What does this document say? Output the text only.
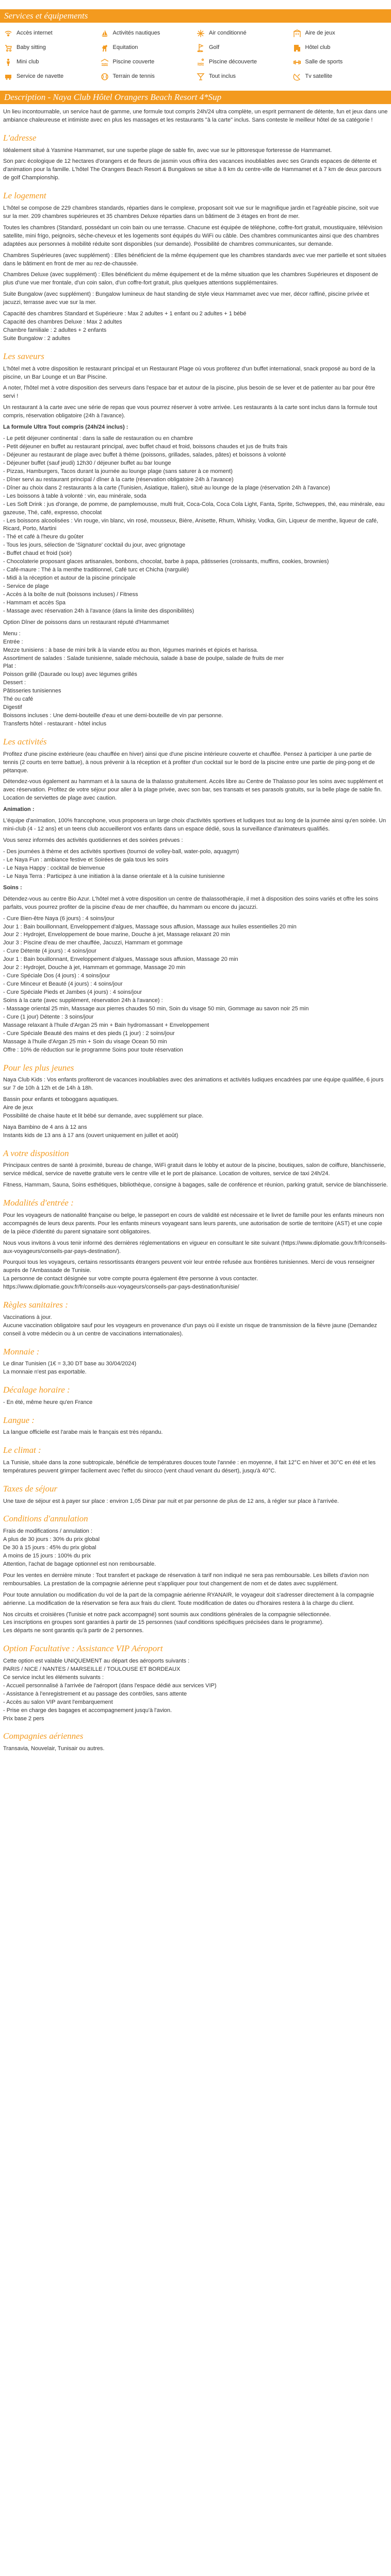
Services et équipements
Accès internet	Activités nautiques	Air conditionné	Aire de jeux
Baby sitting	Equitation	Golf	Hôtel club
Mini club	Piscine couverte	Piscine découverte	Salle de sports
Service de navette	Terrain de tennis	Tout inclus	Tv satellite
Description - Naya Club Hôtel Orangers Beach Resort 4*Sup

Un lieu incontournable, un service haut de gamme, une formule tout compris 24h/24 ultra complète, un esprit permanent de détente, fun et jeux dans une ambiance chaleureuse et intimiste avec en plus les massages et les restaurants "à la carte" inclus. Sans conteste le meilleur hôtel de sa catégorie !

L'adresse

Idéalement situé à Yasmine Hammamet, sur une superbe plage de sable fin, avec vue sur le pittoresque forteresse de Hammamet.

Son parc écologique de 12 hectares d'orangers et de fleurs de jasmin vous offrira des vacances inoubliables avec ses Grands espaces de détente et d'animation pour la famille. L'hôtel The Orangers Beach Resort & Bungalows se situe à 8 km du centre-ville de Hammamet et à 7 km de deux parcours de golf Championship.

Le logement

L'hôtel se compose de 229 chambres standards, réparties dans le complexe, proposant soit vue sur le magnifique jardin et l'agréable piscine, soit vue sur la mer. 209 chambres supérieures et 35 chambres Deluxe réparties dans un bâtiment de 3 étages en front de mer.

Toutes les chambres (Standard, possédant un coin bain ou une terrasse. Chacune est équipée de téléphone, coffre-fort gratuit, moustiquaire, télévision satellite, mini frigo, peignoirs, sèche-cheveux et les logements sont équipés du WiFi ou câble. Des chambres communicantes ainsi que des chambres adaptées aux personnes à mobilité réduite sont disponibles (sur demande). Possibilité de chambres communicantes, sur demande.

Chambres Supérieures (avec supplément) : Elles bénéficient de la même équipement que les chambres standards avec vue mer partielle et sont situées dans le bâtiment en front de mer au rez-de-chaussée.

Chambres Deluxe (avec supplément) : Elles bénéficient du même équipement et de la même situation que les chambres Supérieures et disposent de plus d'une vue mer frontale, d'un coin salon, d'un coffre-fort gratuit, plus quelques attentions supplémentaires.

Suite Bungalow (avec supplément) : Bungalow lumineux de haut standing de style vieux Hammamet avec vue mer, décor raffiné, piscine privée et jacuzzi, terrasse avec vue sur la mer.

Capacité des chambres Standard et Supérieure : Max 2 adultes + 1 enfant ou 2 adultes + 1 bébé
Capacité des chambres Deluxe : Max 2 adultes
Chambre familiale : 2 adultes + 2 enfants
Suite Bungalow : 2 adultes

Les saveurs

L'hôtel met à votre disposition le restaurant principal et un Restaurant Plage où vous profiterez d'un buffet international, snack proposé au bord de la piscine, un Bar Lounge et un Bar Piscine.

A noter, l'hôtel met à votre disposition des serveurs dans l'espace bar et autour de la piscine, plus besoin de se lever et de patienter au bar pour être servi !

Un restaurant à la carte avec une série de repas que vous pourrez réserver à votre arrivée. Les restaurants à la carte sont inclus dans la formule tout compris, réservation obligatoire (24h à l'avance).

La formule Ultra Tout compris (24h/24 inclus) :

- Le petit déjeuner continental : dans la salle de restauration ou en chambre
- Petit déjeuner en buffet au restaurant principal, avec buffet chaud et froid, boissons chaudes et jus de fruits frais
- Déjeuner au restaurant de plage avec buffet à thème (poissons, grillades, salades, pâtes) et boissons à volonté
- Déjeuner buffet (sauf jeudi) 12h30 / déjeuner buffet au bar lounge
- Pizzas, Hamburgers, Tacos durant la journée au lounge plage (sans saturer à ce moment)
- Dîner servi au restaurant principal / dîner à la carte (réservation obligatoire 24h à l'avance)
- Dîner au choix dans 2 restaurants à la carte (Tunisien, Asiatique, Italien), situé au lounge de la plage (réservation 24h à l'avance)
- Les boissons à table à volonté : vin, eau minérale, soda
- Les Soft Drink : jus d'orange, de pomme, de pamplemousse, multi fruit, Coca-Cola, Coca Cola Light, Fanta, Sprite, Schweppes, thé, eau minérale, eau gazeuse, Thé, café, expresso, chocolat
- Les boissons alcoolisées : Vin rouge, vin blanc, vin rosé, mousseux, Bière, Anisette, Rhum, Whisky, Vodka, Gin, Liqueur de menthe, liqueur de café, Ricard, Porto, Martini
- Thé et café à l'heure du goûter
- Tous les jours, sélection de 'Signature' cocktail du jour, avec grignotage
- Buffet chaud et froid (soir)
- Chocolaterie proposant glaces artisanales, bonbons, chocolat, barbe à papa, pâtisseries (croissants, muffins, cookies, brownies)
- Café-maure : Thé à la menthe traditionnel, Café turc et Chicha (narguilé)
- Midi à la réception et autour de la piscine principale
- Service de plage
- Accès à la boîte de nuit (boissons incluses) / Fitness
- Hammam et accès Spa
- Massage avec réservation 24h à l'avance (dans la limite des disponibilités)

Option Dîner de poissons dans un restaurant réputé d'Hammamet

Menu :
Entrée :
Mezze tunisiens : à base de mini brik à la viande et/ou au thon, légumes marinés et épicés et harissa.
Assortiment de salades : Salade tunisienne, salade méchouia, salade à base de poulpe, salade de fruits de mer
Plat :
Poisson grillé (Daurade ou loup) avec légumes grillés
Dessert :
Pâtisseries tunisiennes
Thé ou café
Digestif
Boissons incluses : Une demi-bouteille d'eau et une demi-bouteille de vin par personne.
Transferts hôtel - restaurant - hôtel inclus
Les activités

Profitez d'une piscine extérieure (eau chauffée en hiver) ainsi que d'une piscine intérieure couverte et chauffée. Pensez à participer à une partie de tennis (2 courts en terre battue), à nous prévenir à la réception et à profiter d'un cocktail sur le bord de la piscine entre une partie de ping-pong et de pétanque.

Détendez-vous également au hammam et à la sauna de la thalasso gratuitement. Accès libre au Centre de Thalasso pour les soins avec supplément et avec réservation. Profitez de votre séjour pour aller à la plage privée, avec son bar, ses transats et ses parasols gratuits, sur la belle plage de sable fin. Location de serviettes de plage avec caution.

Animation :

L'équipe d'animation, 100% francophone, vous proposera un large choix d'activités sportives et ludiques tout au long de la journée ainsi qu'en soirée. Un mini-club (4 - 12 ans) et un teens club accueilleront vos enfants dans un espace dédié, sous la surveillance d'animateurs qualifiés.

Vous serez informés des activités quotidiennes et des soirées prévues :

- Des journées à thème et des activités sportives (tournoi de volley-ball, water-polo, aquagym)
- Le Naya Fun : ambiance festive et Soirées de gala tous les soirs
- Le Naya Happy : cocktail de bienvenue
- Le Naya Terra : Participez à une initiation à la danse orientale et à la cuisine tunisienne

Soins :

Détendez-vous au centre Bio Azur. L'hôtel met à votre disposition un centre de thalassothérapie, il met à disposition des soins variés et offre les soins parfaits, vous pourrez profiter de la piscine d'eau de mer chauffée, du hammam ou encore du jacuzzi.

- Cure Bien-être Naya (6 jours) : 4 soins/jour
Jour 1 : Bain bouillonnant, Enveloppement d'algues, Massage sous affusion, Massage aux huiles essentielles 20 min
Jour 2 : Hydrojet, Enveloppement de boue marine, Douche à jet, Massage relaxant 20 min
Jour 3 : Piscine d'eau de mer chauffée, Jacuzzi, Hammam et gommage
- Cure Détente (4 jours) : 4 soins/jour
Jour 1 : Bain bouillonnant, Enveloppement d'algues, Massage sous affusion, Massage 20 min
Jour 2 : Hydrojet, Douche à jet, Hammam et gommage, Massage 20 min
- Cure Spéciale Dos (4 jours) : 4 soins/jour
- Cure Minceur et Beauté (4 jours) : 4 soins/jour
- Cure Spéciale Pieds et Jambes (4 jours) : 4 soins/jour
Soins à la carte (avec supplément, réservation 24h à l'avance) :
- Massage oriental 25 min, Massage aux pierres chaudes 50 min, Soin du visage 50 min, Gommage au savon noir 25 min
- Cure (1 jour) Détente : 3 soins/jour
Massage relaxant à l'huile d'Argan 25 min + Bain hydromassant + Enveloppement
- Cure Spéciale Beauté des mains et des pieds (1 jour) : 2 soins/jour
Massage à l'huile d'Argan 25 min + Soin du visage Ocean 50 min
Offre : 10% de réduction sur le programme Soins pour toute réservation
Pour les plus jeunes

Naya Club Kids : Vos enfants profiteront de vacances inoubliables avec des animations et activités ludiques encadrées par une équipe qualifiée, 6 jours sur 7 de 10h à 12h et de 14h à 18h.

Bassin pour enfants et toboggans aquatiques.
Aire de jeux
Possibilité de chaise haute et lit bébé sur demande, avec supplément sur place.

Naya Bambino de 4 ans à 12 ans
Instants kids de 13 ans à 17 ans (ouvert uniquement en juillet et août)

A votre disposition

Principaux centres de santé à proximité, bureau de change, WiFi gratuit dans le lobby et autour de la piscine, boutiques, salon de coiffure, blanchisserie, service médical, service de navette gratuite vers le centre ville et le port de plaisance. Location de voitures, service de taxi 24h/24.

Fitness, Hammam, Sauna, Soins esthétiques, bibliothèque, consigne à bagages, salle de conférence et réunion, parking gratuit, service de blanchisserie.

Modalités d'entrée :

Pour les voyageurs de nationalité française ou belge, le passeport en cours de validité est nécessaire et le livret de famille pour les enfants mineurs non accompagnés de leurs deux parents. Pour les enfants mineurs voyageant sans leurs parents, une autorisation de sortie de territoire (AST) et une copie de la pièce d'identité du parent signataire sont obligatoires.

Nous vous invitons à vous tenir informé des dernières réglementations en vigueur en consultant le site suivant (https://www.diplomatie.gouv.fr/fr/conseils-aux-voyageurs/conseils-par-pays-destination/).

Pourquoi tous les voyageurs, certains ressortissants étrangers peuvent voir leur entrée refusée aux frontières tunisiennes. Merci de vous renseigner auprès de l'Ambassade de Tunisie.
La personne de contact désignée sur votre compte pourra également être personne à vous contacter.
https://www.diplomatie.gouv.fr/fr/conseils-aux-voyageurs/conseils-par-pays-destination/tunisie/

Règles sanitaires :

Vaccinations à jour.
Aucune vaccination obligatoire sauf pour les voyageurs en provenance d'un pays où il existe un risque de transmission de la fièvre jaune (Demandez conseil à votre médecin ou à un centre de vaccinations internationales).

Monnaie :

Le dinar Tunisien (1€ = 3,30 DT base au 30/04/2024)
La monnaie n'est pas exportable.

Décalage horaire :

- En été, même heure qu'en France

Langue :

La langue officielle est l'arabe mais le français est très répandu.

Le climat :

La Tunisie, située dans la zone subtropicale, bénéficie de températures douces toute l'année : en moyenne, il fait 12°C en hiver et 30°C en été et les températures peuvent grimper facilement avec l'effet du sirocco (vent chaud venant du désert), jusqu'à 40°C.

Taxes de séjour

Une taxe de séjour est à payer sur place : environ 1,05 Dinar par nuit et par personne de plus de 12 ans, à régler sur place à l'arrivée.

Conditions d'annulation

Frais de modifications / annulation :
A plus de 30 jours : 30% du prix global
De 30 à 15 jours : 45% du prix global
A moins de 15 jours : 100% du prix
Attention, l'achat de bagage optionnel est non remboursable.

Pour les ventes en dernière minute : Tout transfert et package de réservation à tarif non indiqué ne sera pas remboursable. Les billets d'avion non remboursables. La prestation de la compagnie aérienne peut s'appliquer pour tout changement de nom et de dates avec supplément.

Pour toute annulation ou modification du vol de la part de la compagnie aérienne RYANAIR, le voyageur doit s'adresser directement à la compagnie aérienne. La modification de la réservation se fera aux frais du client. Toute modification de dates ou d'horaires restera à la charge du client.

Nos circuits et croisières (Tunisie et notre pack accompagné) sont soumis aux conditions générales de la compagnie sélectionnée.
Les inscriptions en groupes sont garanties à partir de 15 personnes (sauf conditions spécifiques précisées dans le programme).
Les départs ne sont garantis qu'à partir de 2 personnes.

Option Facultative : Assistance VIP Aéroport

Cette option est valable UNIQUEMENT au départ des aéroports suivants :
PARIS / NICE / NANTES / MARSEILLE / TOULOUSE ET BORDEAUX
Ce service inclut les éléments suivants :
- Accueil personnalisé à l'arrivée de l'aéroport (dans l'espace dédié aux services VIP)
- Assistance à l'enregistrement et au passage des contrôles, sans attente
- Accès au salon VIP avant l'embarquement
- Prise en charge des bagages et accompagnement jusqu'à l'avion.
Prix base 2 pers

Compagnies aériennes

Transavia, Nouvelair, Tunisair ou autres.
